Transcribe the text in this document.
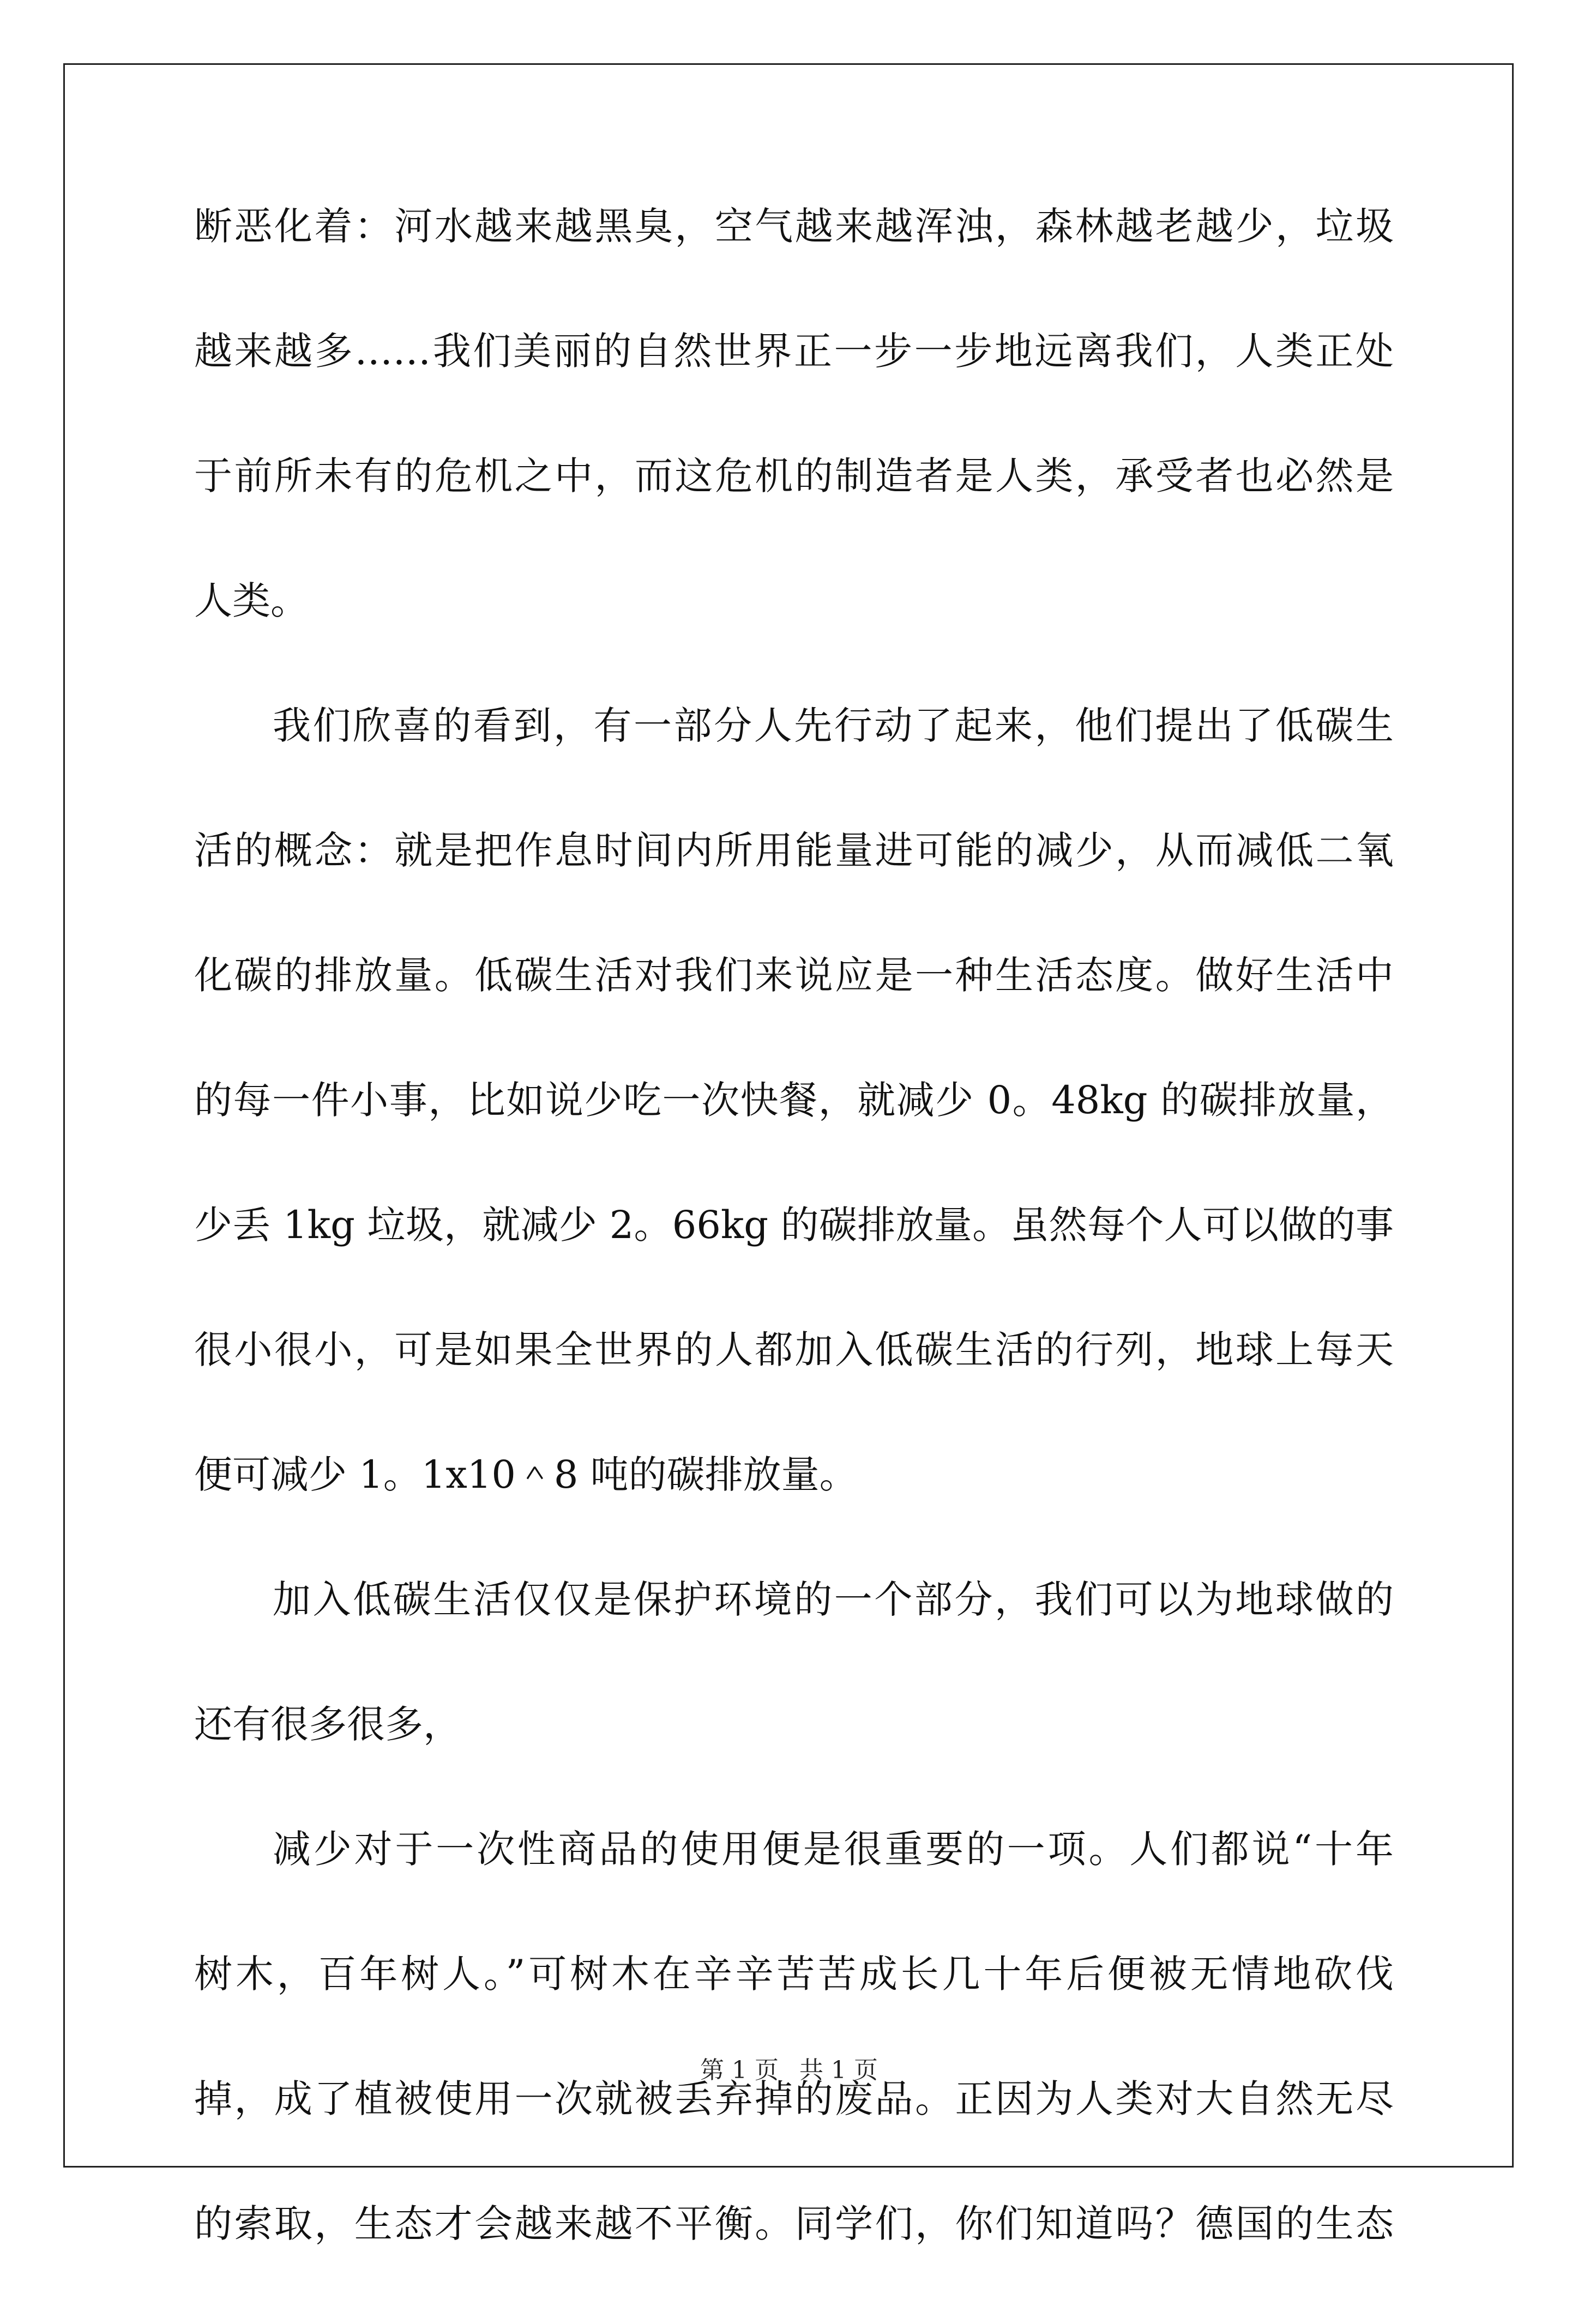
断恶化着：河水越来越黑臭，空气越来越浑浊，森林越老越少，垃圾
越来越多……我们美丽的自然世界正一步一步地远离我们，人类正处
于前所未有的危机之中，而这危机的制造者是人类，承受者也必然是
人类。
我们欣喜的看到，有一部分人先行动了起来，他们提出了低碳生
活的概念：就是把作息时间内所用能量进可能的减少，从而减低二氧
化碳的排放量。低碳生活对我们来说应是一种生活态度。做好生活中
的每一件小事，比如说少吃一次快餐，就减少 0。48kg 的碳排放量，
少丢 1kg 垃圾，就减少 2。66kg 的碳排放量。虽然每个人可以做的事
很小很小，可是如果全世界的人都加入低碳生活的行列，地球上每天
便可减少 1。1x10＾8 吨的碳排放量。
加入低碳生活仅仅是保护环境的一个部分，我们可以为地球做的
还有很多很多，
减少对于一次性商品的使用便是很重要的一项。人们都说“十年
树木，百年树人。”可树木在辛辛苦苦成长几十年后便被无情地砍伐
掉，成了植被使用一次就被丢弃掉的废品。正因为人类对大自然无尽
的索取，生态才会越来越不平衡。同学们，你们知道吗？德国的生态
第 1 页 共 1 页
